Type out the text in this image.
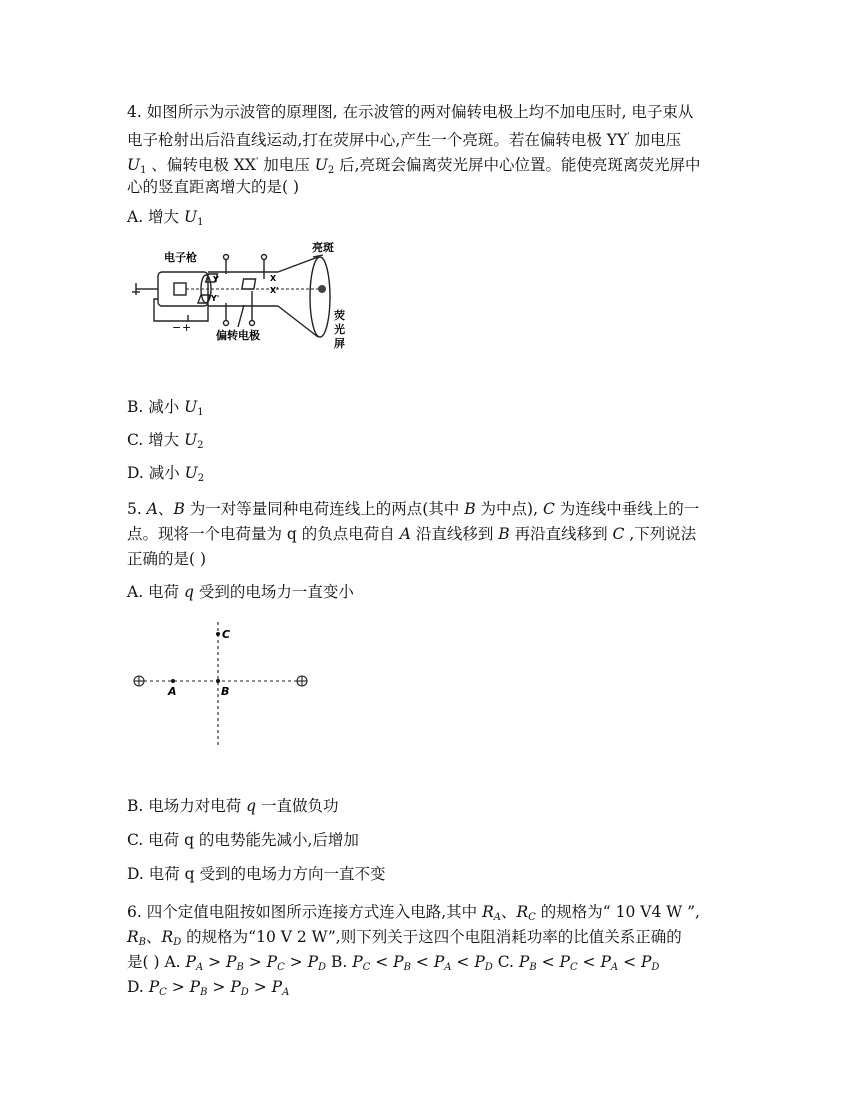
4. 如图所示为示波管的原理图, 在示波管的两对偏转电极上均不加电压时, 电子束从

电子枪射出后沿直线运动,打在荧屏中心,产生一个亮斑。若在偏转电极 YY' 加电压

$U_1$ 、偏转电极 XX' 加电压 $U_2$ 后,亮斑会偏离荧光屏中心位置。能使亮斑离荧光屏中

心的竖直距离增大的是( )

A. 增大 $U_1$

电子枪
亮斑
偏转电极
荧
光
屏
Y
Y'
X
X'
− +

B. 减小 $U_1$

C. 增大 $U_2$

D. 减小 $U_2$

5. A、B 为一对等量同种电荷连线上的两点(其中 B 为中点), C 为连线中垂线上的一

点。现将一个电荷量为 q 的负点电荷自 A 沿直线移到 B 再沿直线移到 C ,下列说法

正确的是( )

A. 电荷 q 受到的电场力一直变小

A	B
C

B. 电场力对电荷 q 一直做负功

C. 电荷 q 的电势能先减小,后增加

D. 电荷 q 受到的电场力方向一直不变

6. 四个定值电阻按如图所示连接方式连入电路,其中 $R_A$、$R_C$ 的规格为“ 10 V4 W ”,

$R_B$、$R_D$ 的规格为“10 V 2 W”,则下列关于这四个电阻消耗功率的比值关系正确的

是( ) A. $P_A > P_B > P_C > P_D$ B. $P_C < P_B < P_A < P_D$ C. $P_B < P_C < P_A < P_D$

D. $P_C > P_B > P_D > P_A$
